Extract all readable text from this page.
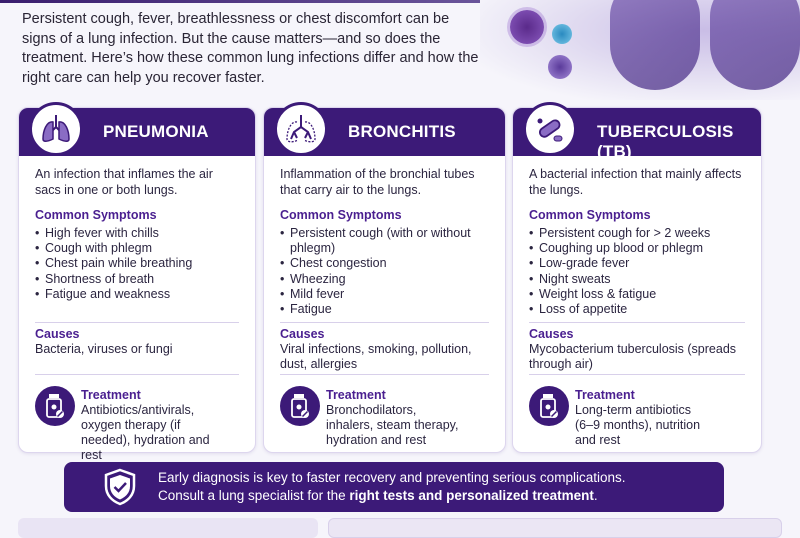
Persistent cough, fever, breathlessness or chest discomfort can be signs of a lung infection. But the cause matters—and so does the treatment. Here’s how these common lung infections differ and how the right care can help you recover faster.

PNEUMONIA

An infection that inflames the air sacs in one or both lungs.

Common Symptoms
• High fever with chills
• Cough with phlegm
• Chest pain while breathing
• Shortness of breath
• Fatigue and weakness
Causes
Bacteria, viruses or fungi
Treatment
Antibiotics/antivirals, oxygen therapy (if needed), hydration and rest
BRONCHITIS

Inflammation of the bronchial tubes that carry air to the lungs.

Common Symptoms
• Persistent cough (with or without phlegm)
• Chest congestion
• Wheezing
• Mild fever
• Fatigue
Causes
Viral infections, smoking, pollution, dust, allergies
Treatment
Bronchodilators, inhalers, steam therapy, hydration and rest
TUBERCULOSIS (TB)

A bacterial infection that mainly affects the lungs.

Common Symptoms
• Persistent cough for > 2 weeks
• Coughing up blood or phlegm
• Low-grade fever
• Night sweats
• Weight loss & fatigue
• Loss of appetite
Causes
Mycobacterium tuberculosis (spreads through air)
Treatment
Long-term antibiotics (6–9 months), nutrition and rest
Early diagnosis is key to faster recovery and preventing serious complications.
Consult a lung specialist for the right tests and personalized treatment.
